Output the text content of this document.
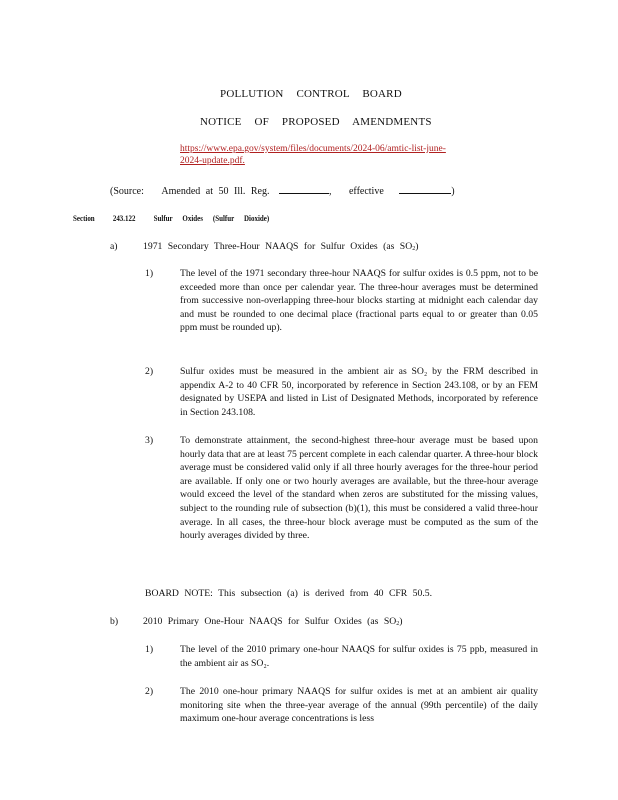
POLLUTION CONTROL BOARD
NOTICE OF PROPOSED AMENDMENTS
https://www.epa.gov/system/files/documents/2024-06/amtic-list-june-
2024-update.pdf.
(Source: Amended at 50 Ill. Reg.	, effective	)
Section 243.122 Sulfur Oxides (Sulfur Dioxide)
a)	1971 Secondary Three-Hour NAAQS for Sulfur Oxides (as $SO_2$)
1)	The level of the 1971 secondary three-hour NAAQS for sulfur oxides is 0.5 ppm, not to be exceeded more than once per calendar year. The three-hour averages must be determined from successive non-overlapping three-hour blocks starting at midnight each calendar day and must be rounded to one decimal place (fractional parts equal to or greater than 0.05 ppm must be rounded up).
2)	Sulfur oxides must be measured in the ambient air as SO₂ by the FRM described in appendix A-2 to 40 CFR 50, incorporated by reference in Section 243.108, or by an FEM designated by USEPA and listed in List of Designated Methods, incorporated by reference in Section 243.108.
3)	To demonstrate attainment, the second-highest three-hour average must be based upon hourly data that are at least 75 percent complete in each calendar quarter. A three-hour block average must be considered valid only if all three hourly averages for the three-hour period are available. If only one or two hourly averages are available, but the three-hour average would exceed the level of the standard when zeros are substituted for the missing values, subject to the rounding rule of subsection (b)(1), this must be considered a valid three-hour average. In all cases, the three-hour block average must be computed as the sum of the hourly averages divided by three.
BOARD NOTE: This subsection (a) is derived from 40 CFR 50.5.
b)	2010 Primary One-Hour NAAQS for Sulfur Oxides (as $SO_2$)
1)	The level of the 2010 primary one-hour NAAQS for sulfur oxides is 75 ppb, measured in the ambient air as SO₂.
2)	The 2010 one-hour primary NAAQS for sulfur oxides is met at an ambient air quality monitoring site when the three-year average of the annual (99th percentile) of the daily maximum one-hour average concentrations is less
